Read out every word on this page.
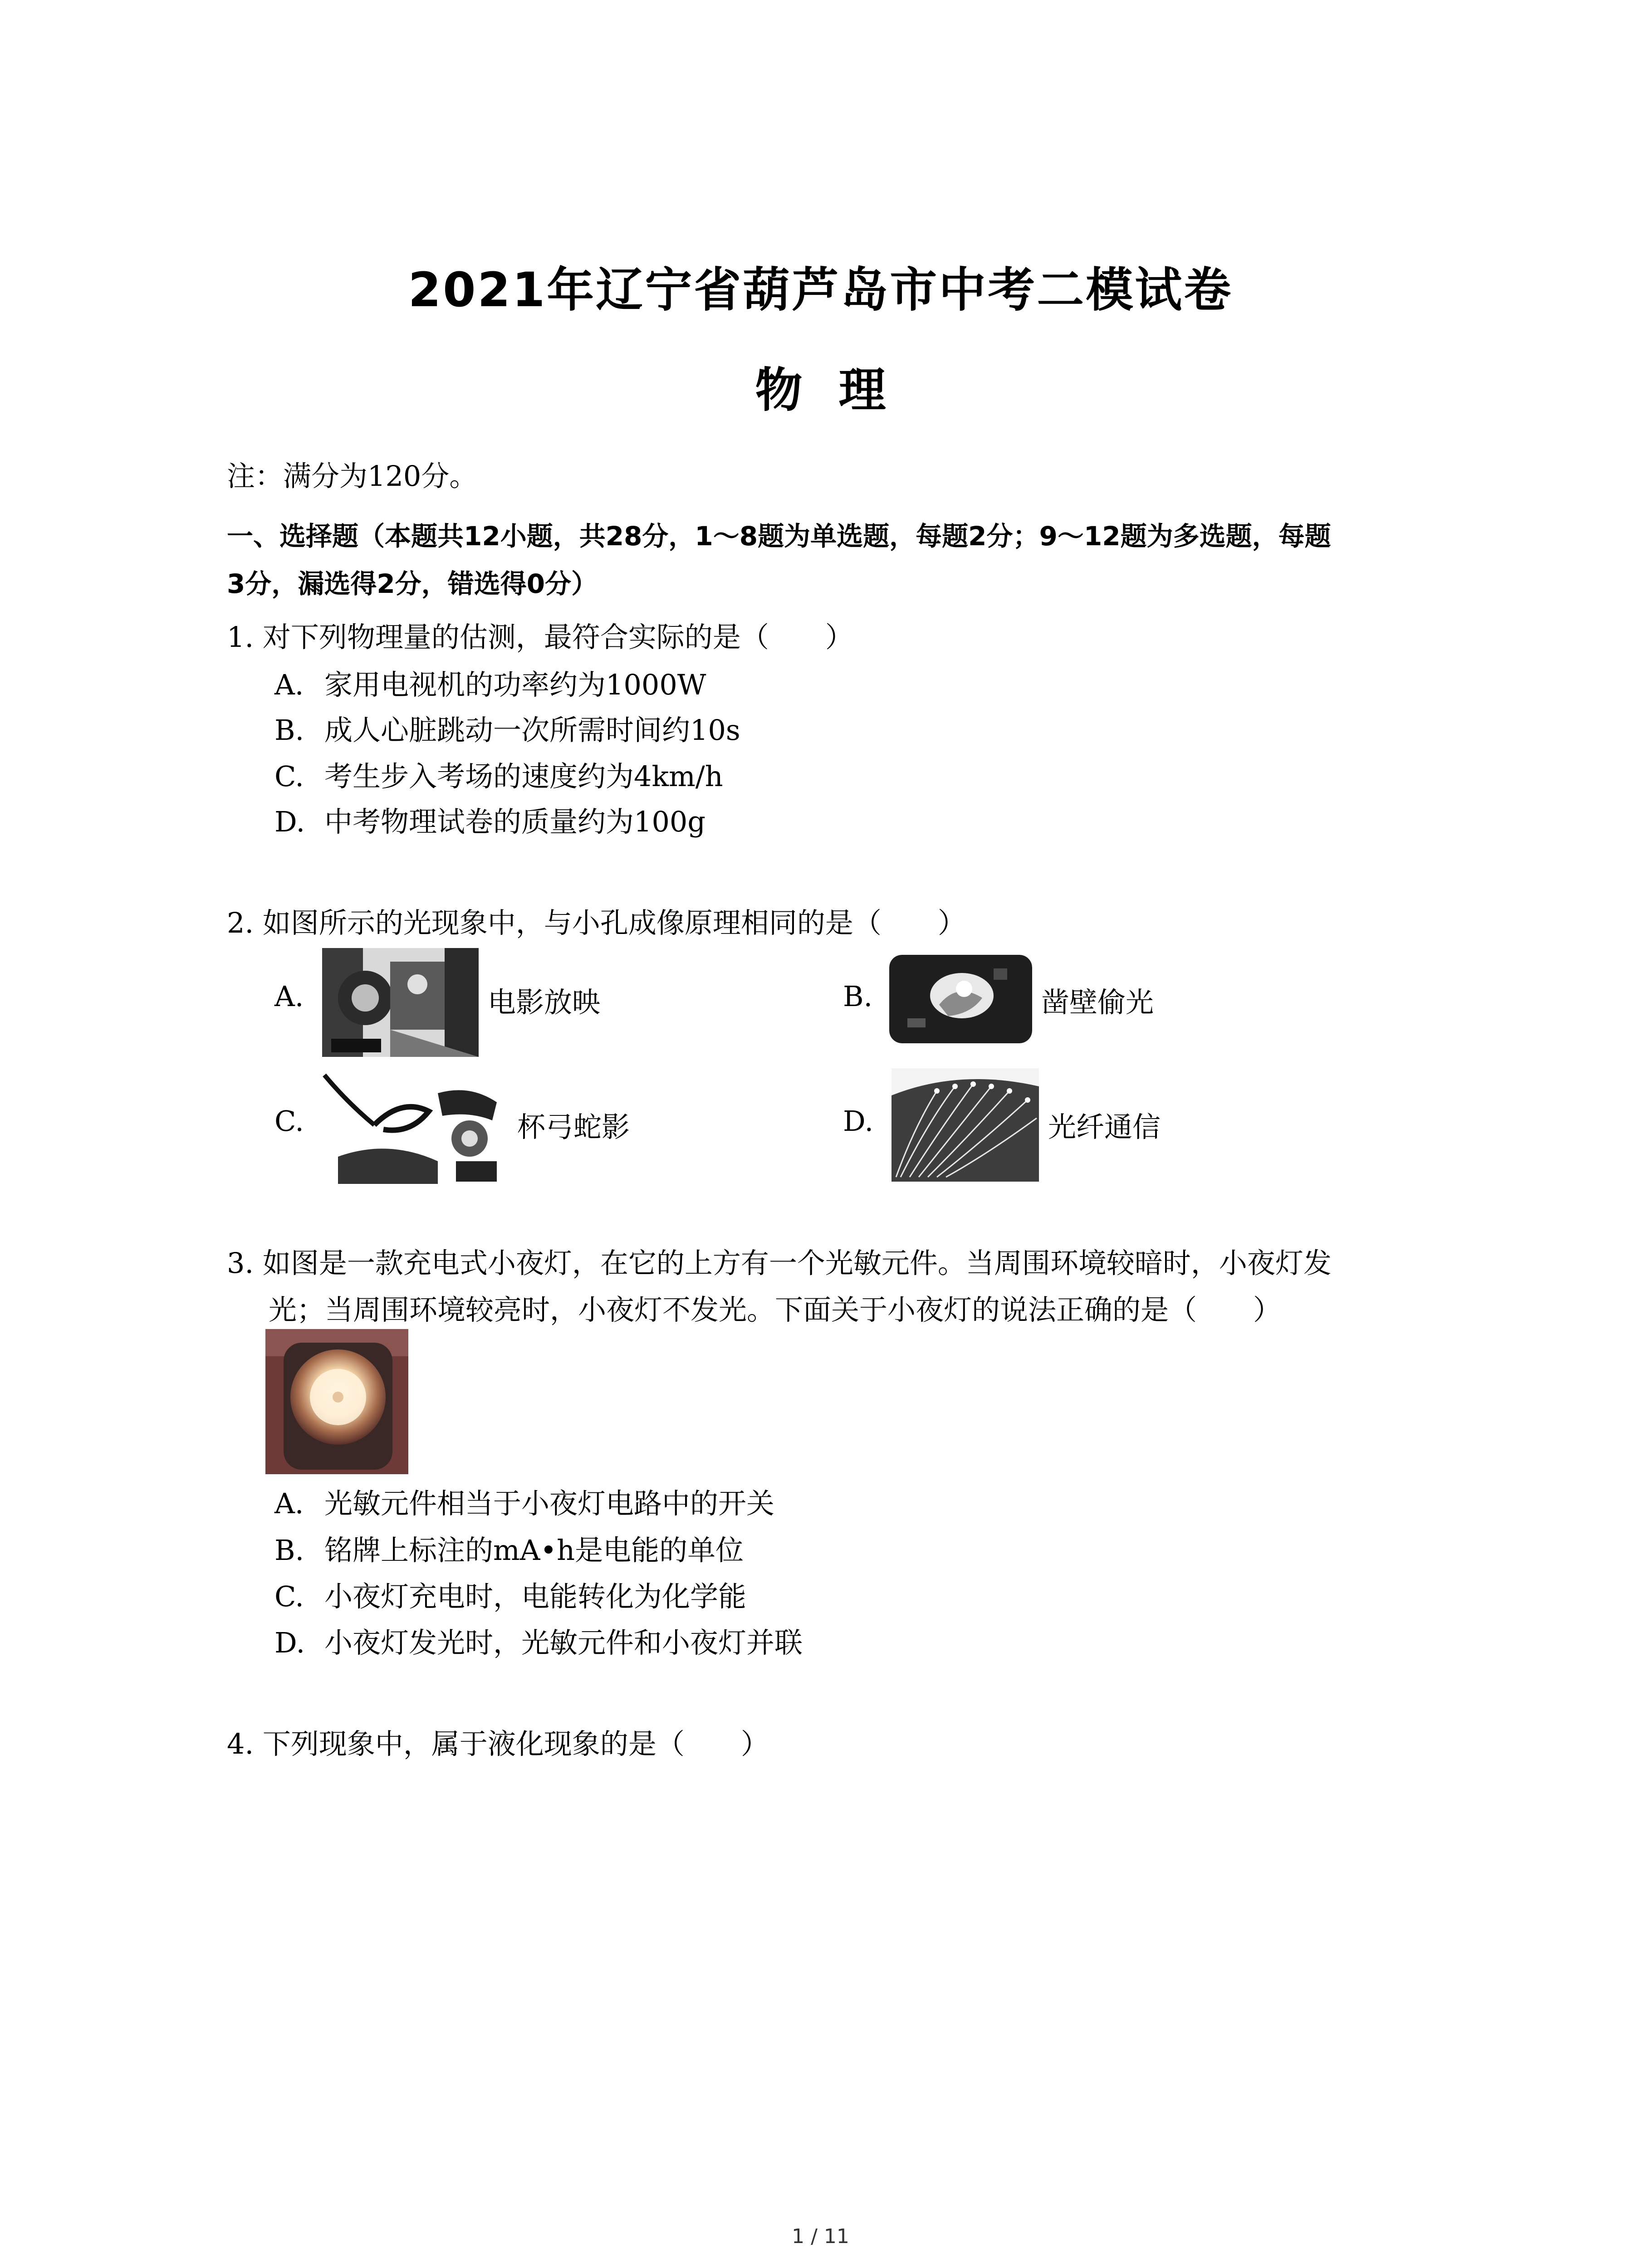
2021年辽宁省葫芦岛市中考二模试卷
物理
注：满分为120分。
一、选择题（本题共12小题，共28分，1～8题为单选题，每题2分；9～12题为多选题，每题
3分，漏选得2分，错选得0分）
1. 对下列物理量的估测，最符合实际的是（　　）
A. 家用电视机的功率约为1000W
B. 成人心脏跳动一次所需时间约10s
C. 考生步入考场的速度约为4km/h
D. 中考物理试卷的质量约为100g
2. 如图所示的光现象中，与小孔成像原理相同的是（　　）
A.	电影放映	B.	凿壁偷光
C.	杯弓蛇影	D.	光纤通信
3. 如图是一款充电式小夜灯，在它的上方有一个光敏元件。当周围环境较暗时，小夜灯发
光；当周围环境较亮时，小夜灯不发光。下面关于小夜灯的说法正确的是（　　）
A. 光敏元件相当于小夜灯电路中的开关
B. 铭牌上标注的mA•h是电能的单位
C. 小夜灯充电时，电能转化为化学能
D. 小夜灯发光时，光敏元件和小夜灯并联
4. 下列现象中，属于液化现象的是（　　）
1 / 11
